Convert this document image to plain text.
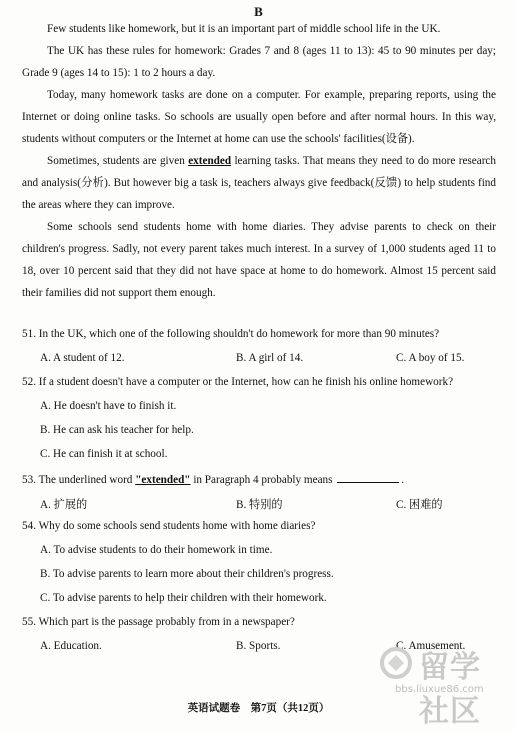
B
Few students like homework, but it is an important part of middle school life in the UK.
The UK has these rules for homework: Grades 7 and 8 (ages 11 to 13): 45 to 90 minutes per day; Grade 9 (ages 14 to 15): 1 to 2 hours a day.
Today, many homework tasks are done on a computer. For example, preparing reports, using the Internet or doing online tasks. So schools are usually open before and after normal hours. In this way, students without computers or the Internet at home can use the schools' facilities(设备).
Sometimes, students are given extended learning tasks. That means they need to do more research and analysis(分析). But however big a task is, teachers always give feedback(反馈) to help students find the areas where they can improve.
Some schools send students home with home diaries. They advise parents to check on their children's progress. Sadly, not every parent takes much interest. In a survey of 1,000 students aged 11 to 18, over 10 percent said that they did not have space at home to do homework. Almost 15 percent said their families did not support them enough.
51. In the UK, which one of the following shouldn't do homework for more than 90 minutes?
A. A student of 12.	B. A girl of 14.	C. A boy of 15.
52. If a student doesn't have a computer or the Internet, how can he finish his online homework?
A. He doesn't have to finish it.
B. He can ask his teacher for help.
C. He can finish it at school.
53. The underlined word "extended" in Paragraph 4 probably means	.
A. 扩展的	B. 特别的	C. 困难的
54. Why do some schools send students home with home diaries?
A. To advise students to do their homework in time.
B. To advise parents to learn more about their children's progress.
C. To advise parents to help their children with their homework.
55. Which part is the passage probably from in a newspaper?
A. Education.	B. Sports.	C. Amusement.
留学社区
bbs.liuxue86.com
英语试题卷　第7页（共12页）
